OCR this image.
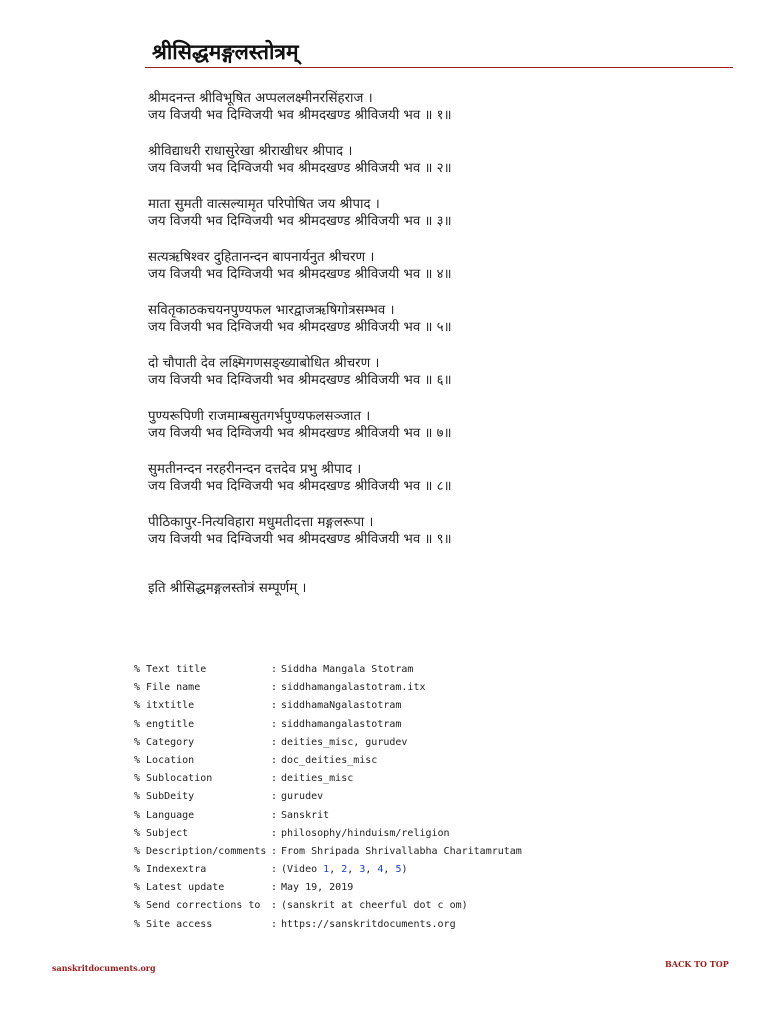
श्रीसिद्धमङ्गलस्तोत्रम्
श्रीमदनन्त श्रीविभूषित अप्पललक्ष्मीनरसिंहराज ।
जय विजयी भव दिग्विजयी भव श्रीमदखण्ड श्रीविजयी भव ॥ १॥
श्रीविद्याधरी राधासुरेखा श्रीराखीधर श्रीपाद ।
जय विजयी भव दिग्विजयी भव श्रीमदखण्ड श्रीविजयी भव ॥ २॥
माता सुमती वात्सल्यामृत परिपोषित जय श्रीपाद ।
जय विजयी भव दिग्विजयी भव श्रीमदखण्ड श्रीविजयी भव ॥ ३॥
सत्यऋषिश्वर दुहितानन्दन बापनार्यनुत श्रीचरण ।
जय विजयी भव दिग्विजयी भव श्रीमदखण्ड श्रीविजयी भव ॥ ४॥
सवितृकाठकचयनपुण्यफल भारद्वाजऋषिगोत्रसम्भव ।
जय विजयी भव दिग्विजयी भव श्रीमदखण्ड श्रीविजयी भव ॥ ५॥
दो चौपाती देव लक्ष्मिगणसङ्ख्याबोधित श्रीचरण ।
जय विजयी भव दिग्विजयी भव श्रीमदखण्ड श्रीविजयी भव ॥ ६॥
पुण्यरूपिणी राजमाम्बसुतगर्भपुण्यफलसञ्जात ।
जय विजयी भव दिग्विजयी भव श्रीमदखण्ड श्रीविजयी भव ॥ ७॥
सुमतीनन्दन नरहरीनन्दन दत्तदेव प्रभु श्रीपाद ।
जय विजयी भव दिग्विजयी भव श्रीमदखण्ड श्रीविजयी भव ॥ ८॥
पीठिकापुर-नित्यविहारा मधुमतीदत्ता मङ्गलरूपा ।
जय विजयी भव दिग्विजयी भव श्रीमदखण्ड श्रीविजयी भव ॥ ९॥
इति श्रीसिद्धमङ्गलस्तोत्रं सम्पूर्णम् ।
% Text title	: Siddha Mangala Stotram
% File name	: siddhamangalastotram.itx
% itxtitle	: siddhamaNgalastotram
% engtitle	: siddhamangalastotram
% Category	: deities_misc, gurudev
% Location	: doc_deities_misc
% Sublocation	: deities_misc
% SubDeity	: gurudev
% Language	: Sanskrit
% Subject	: philosophy/hinduism/religion
% Description/comments : From Shripada Shrivallabha Charitamrutam
% Indexextra	: (Video 1, 2, 3, 4, 5)
% Latest update	: May 19, 2019
% Send corrections to	: (sanskrit at cheerful dot c om)
% Site access	: https://sanskritdocuments.org
sanskritdocuments.org	BACK TO TOP
